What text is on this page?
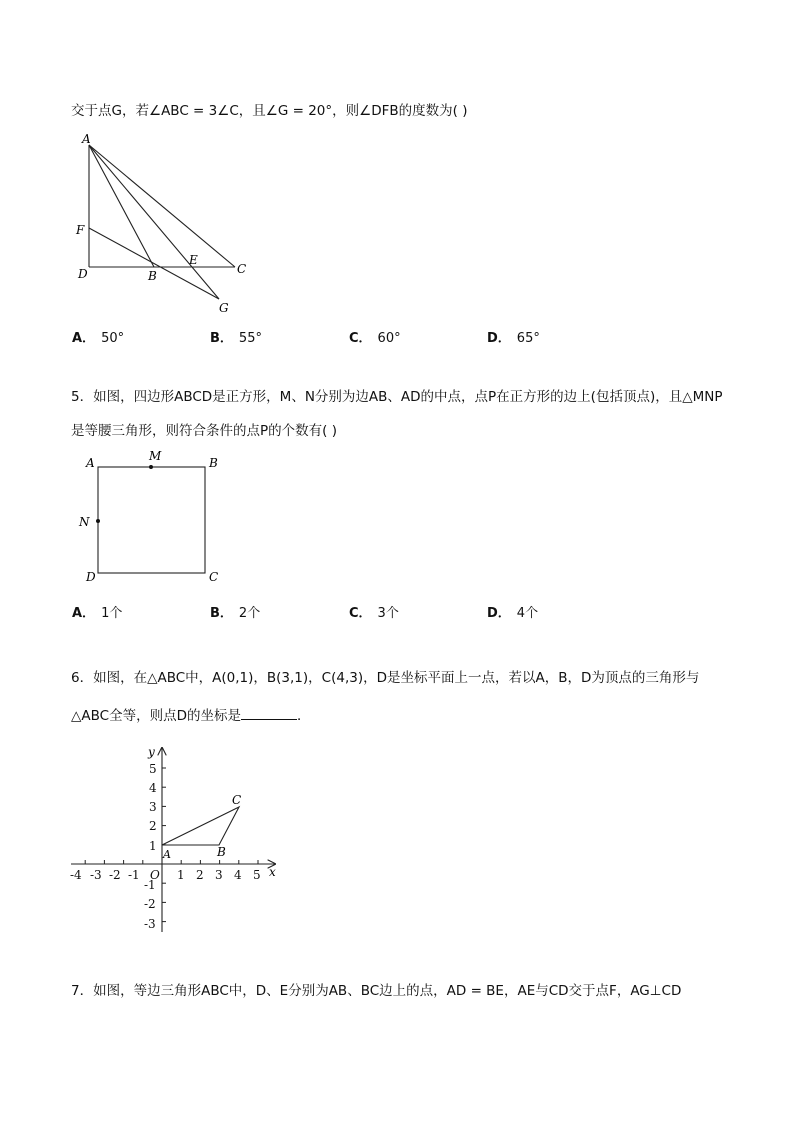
交于点G，若∠ABC = 3∠C，且∠G = 20°，则∠DFB的度数为( )
A
F
D	B
E
C
G
A． 50°	B． 55°	C． 60°	D． 65°
5．如图，四边形ABCD是正方形，M、N分别为边AB、AD的中点，点P在正方形的边上(包括顶点)，且△MNP
是等腰三角形，则符合条件的点P的个数有( )
A	M	B
N
D	C
A． 1个	B． 2个	C． 3个	D． 4个
6．如图，在△ABC中，A(0,1)，B(3,1)，C(4,3)，D是坐标平面上一点，若以A，B，D为顶点的三角形与
△ABC全等，则点D的坐标是	．
-4 -3 -2 -1 O 1 2 3 4 5
5
4
3
2
1
-1
-2
-3
x
y
A	B
C
7．如图，等边三角形ABC中，D、E分别为AB、BC边上的点，AD = BE，AE与CD交于点F，AG⊥CD
